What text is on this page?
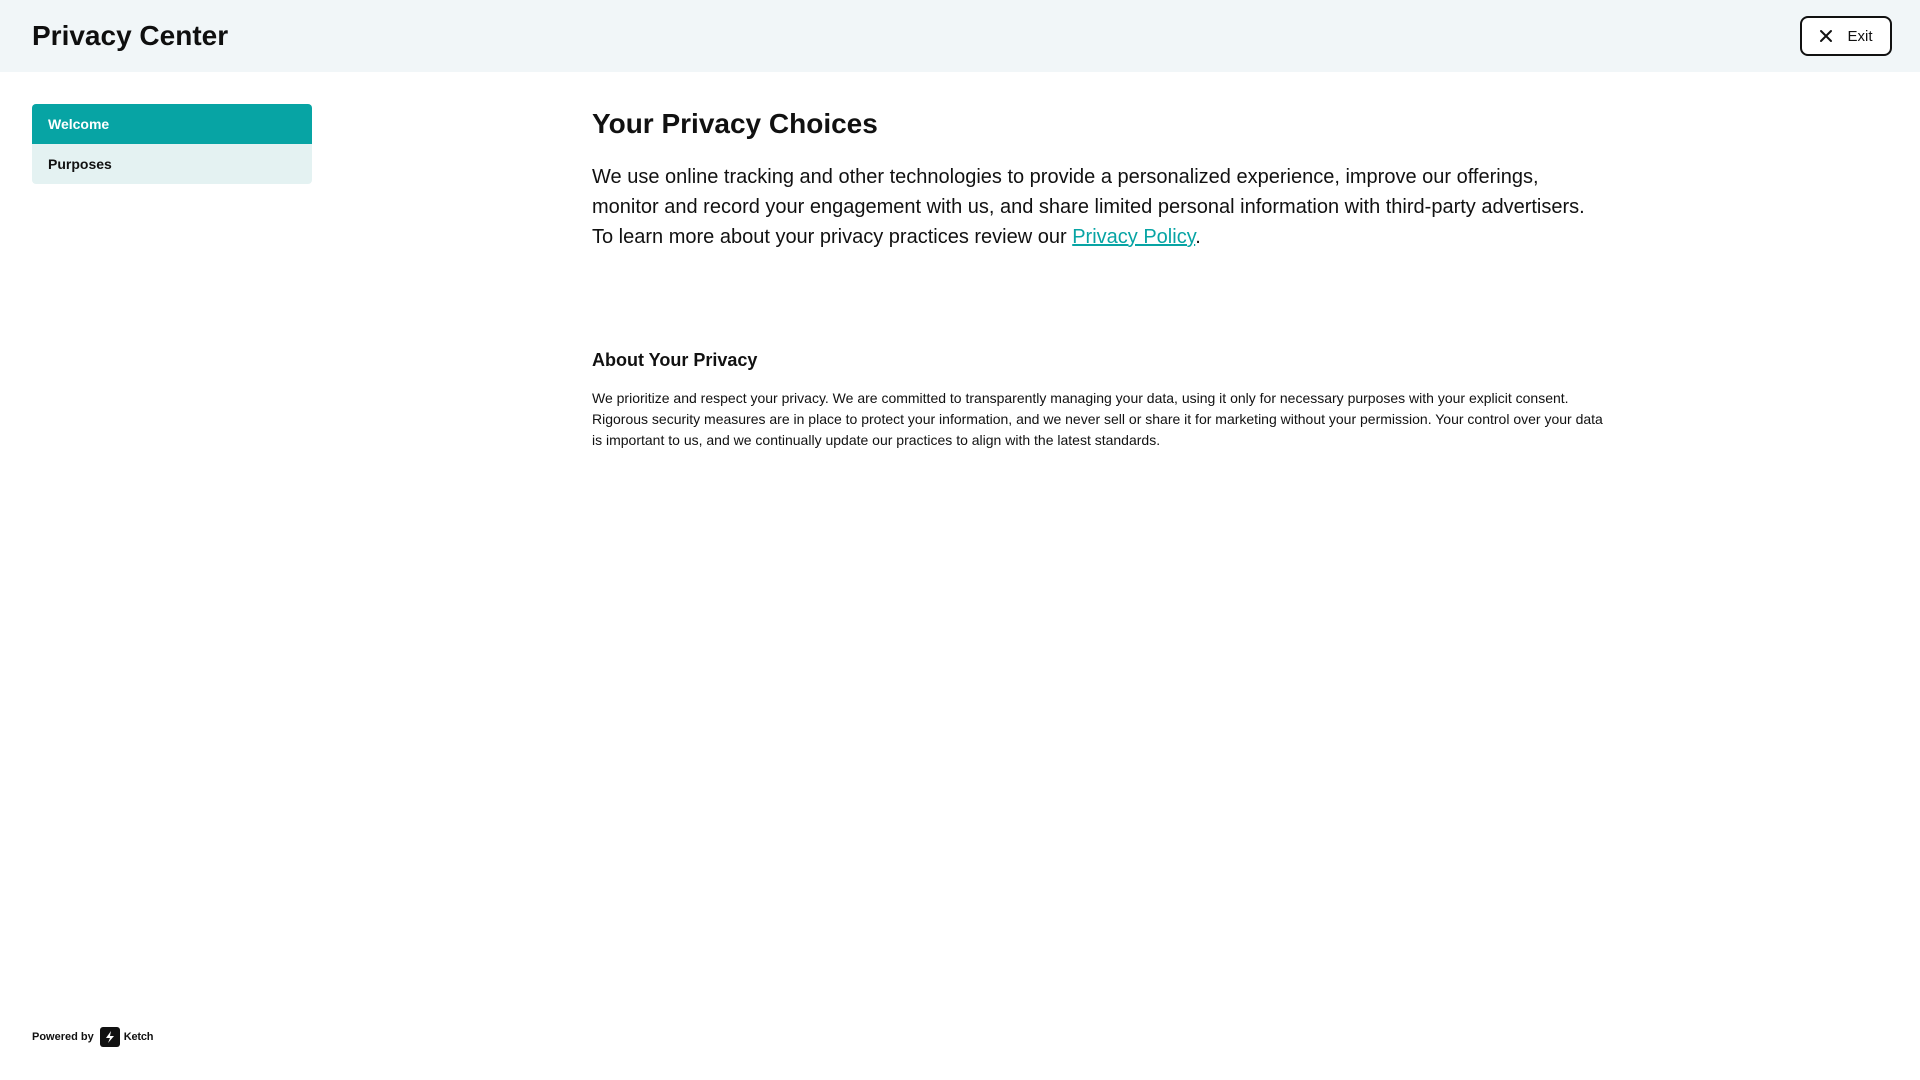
Privacy Center	Exit
Welcome
Purposes
Your Privacy Choices

We use online tracking and other technologies to provide a personalized experience, improve our offerings, monitor and record your engagement with us, and share limited personal information with third-party advertisers. To learn more about your privacy practices review our Privacy Policy.

About Your Privacy

We prioritize and respect your privacy. We are committed to transparently managing your data, using it only for necessary purposes with your explicit consent. Rigorous security measures are in place to protect your information, and we never sell or share it for marketing without your permission. Your control over your data is important to us, and we continually update our practices to align with the latest standards.

Powered by	Ketch
